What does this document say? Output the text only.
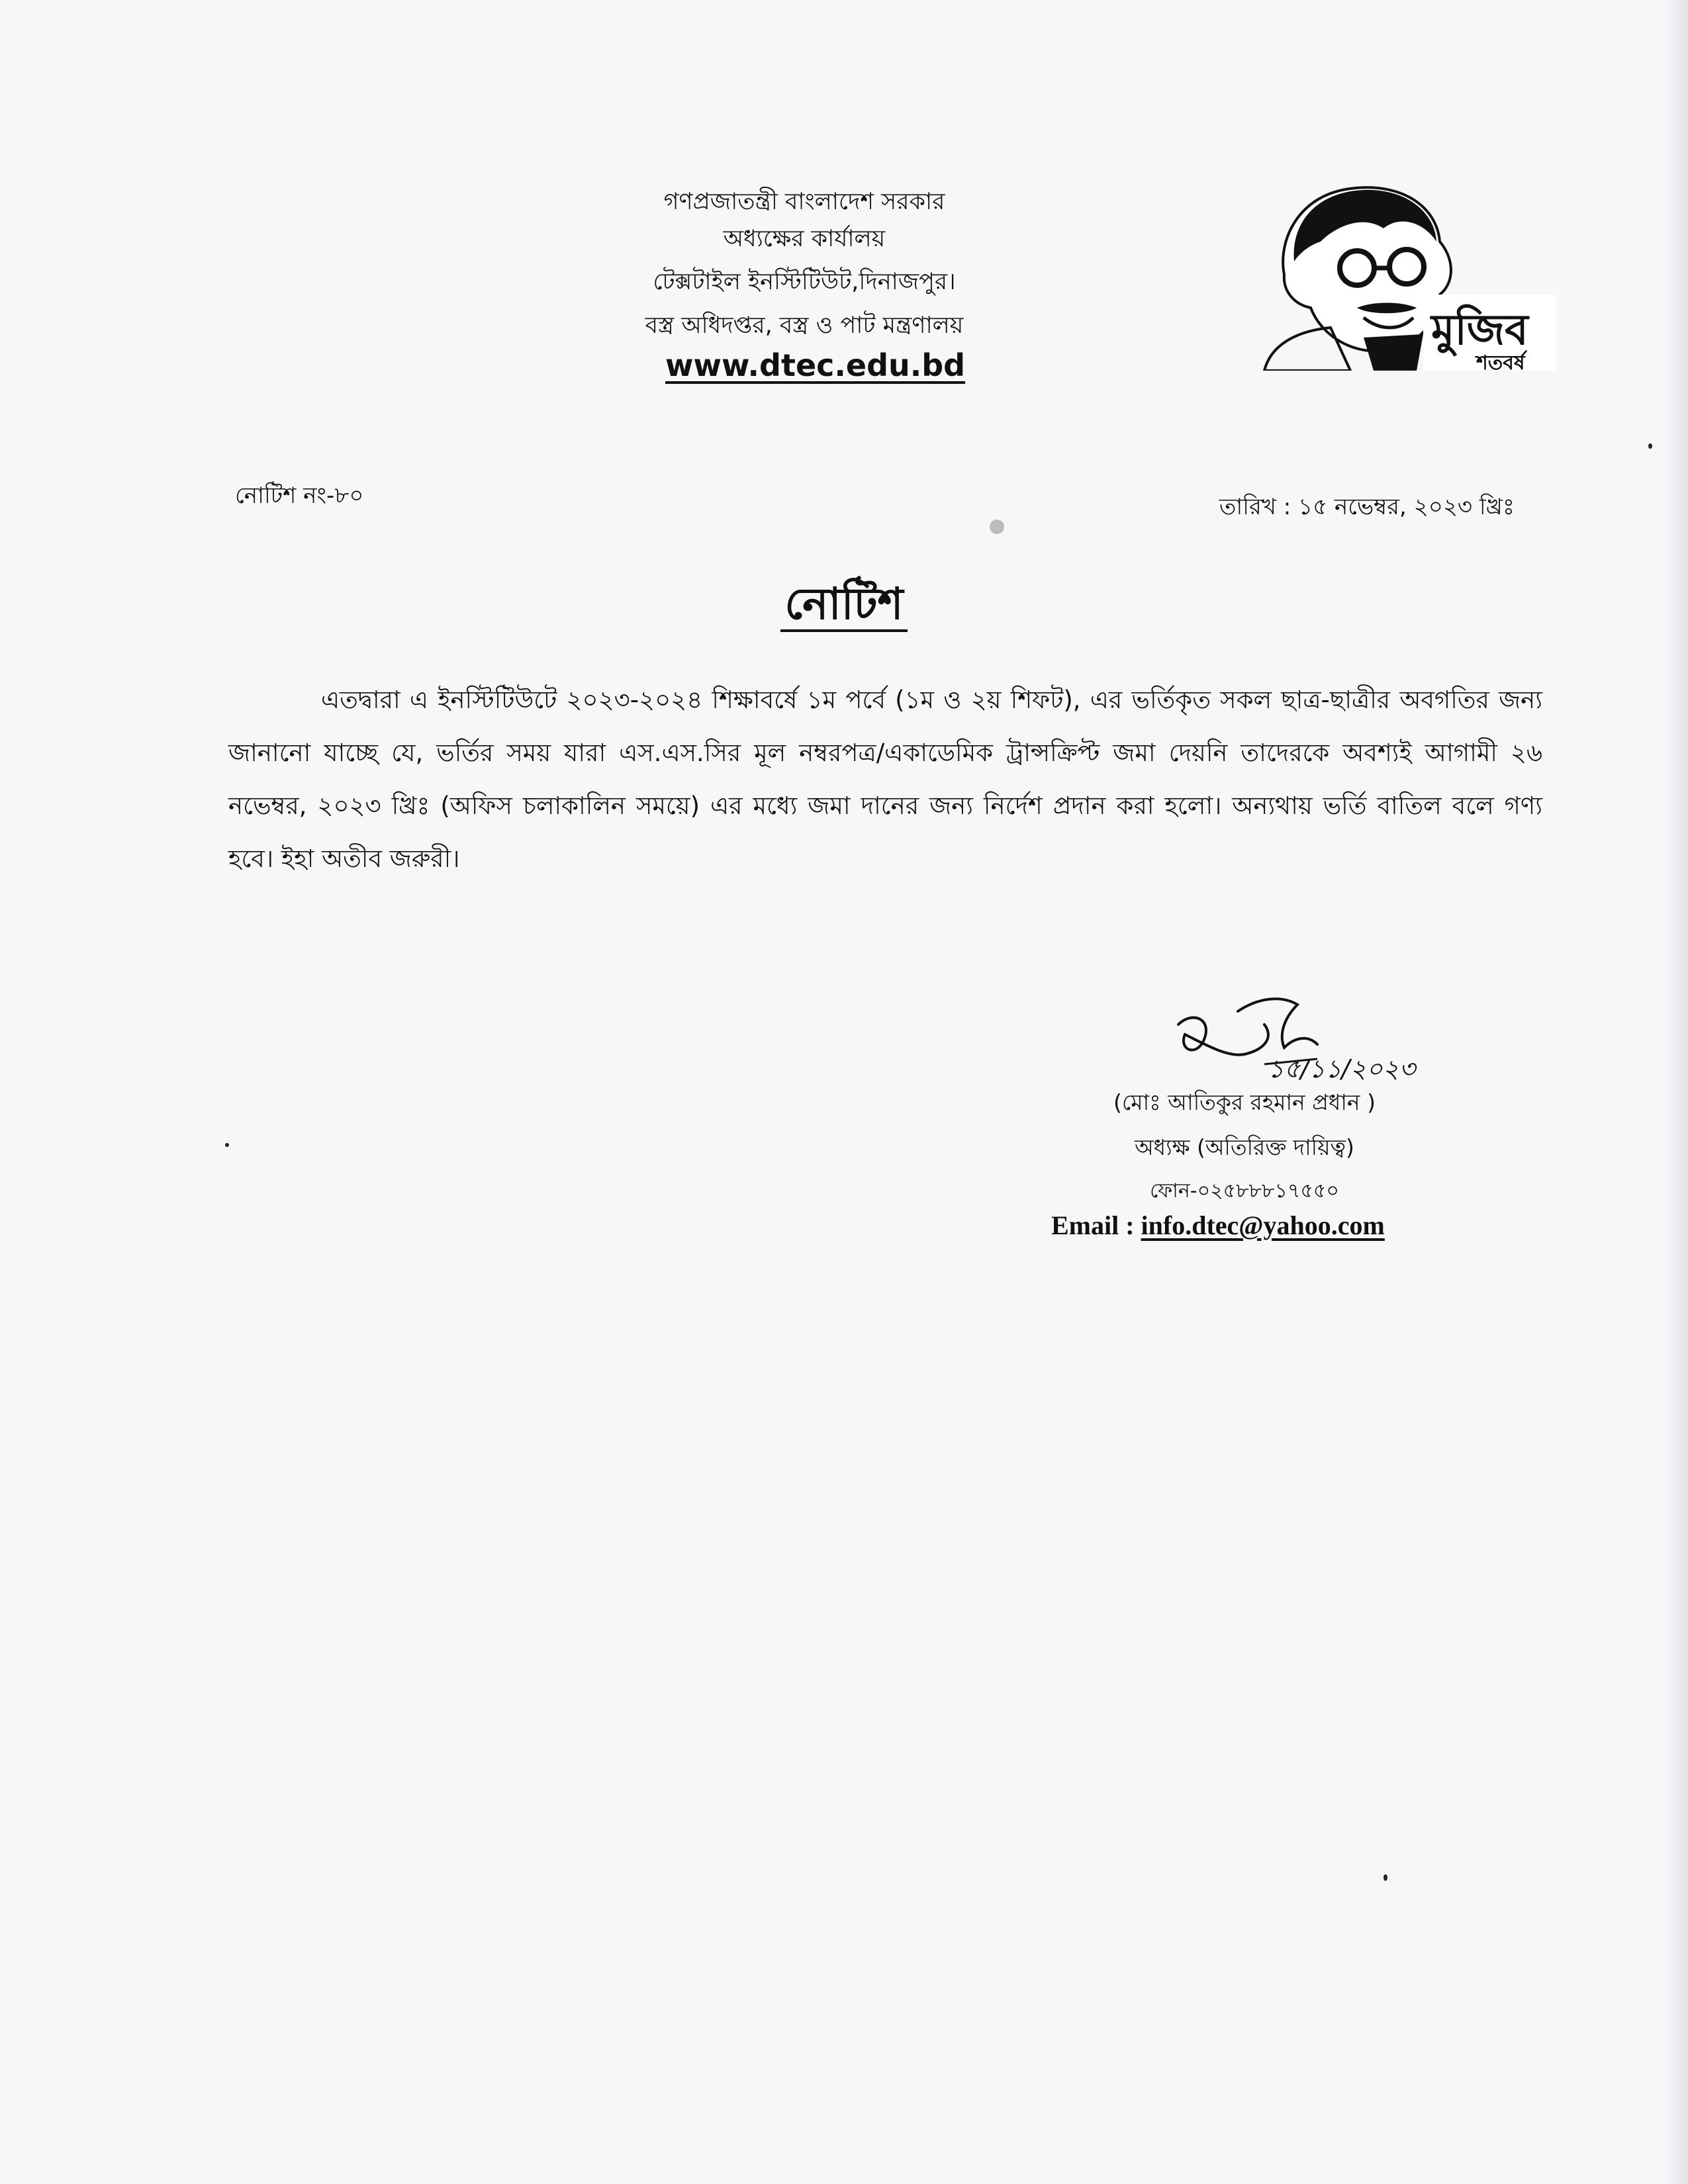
গণপ্রজাতন্ত্রী বাংলাদেশ সরকার
অধ্যক্ষের কার্যালয়
টেক্সটাইল ইনস্টিটিউট,দিনাজপুর।
বস্ত্র অধিদপ্তর, বস্ত্র ও পাট মন্ত্রণালয়
www.dtec.edu.bd
মুজিব
শতবর্ষ
নোটিশ নং-৮০	তারিখ : ১৫ নভেম্বর, ২০২৩ খ্রিঃ
নোটিশ
এতদ্বারা এ ইনস্টিটিউটে ২০২৩-২০২৪ শিক্ষাবর্ষে ১ম পর্বে (১ম ও ২য় শিফট), এর ভর্তিকৃত সকল ছাত্র-ছাত্রীর অবগতির জন্য জানানো যাচ্ছে যে, ভর্তির সময় যারা এস.এস.সির মূল নম্বরপত্র/একাডেমিক ট্রান্সক্রিপ্ট জমা দেয়নি তাদেরকে অবশ্যই আগামী ২৬ নভেম্বর, ২০২৩ খ্রিঃ (অফিস চলাকালিন সময়ে) এর মধ্যে জমা দানের জন্য নির্দেশ প্রদান করা হলো। অন্যথায় ভর্তি বাতিল বলে গণ্য হবে। ইহা অতীব জরুরী।
১৫/১১/২০২৩
(মোঃ আতিকুর রহমান প্রধান )
অধ্যক্ষ (অতিরিক্ত দায়িত্ব)
ফোন-০২৫৮৮৮১৭৫৫০
Email : info.dtec@yahoo.com
